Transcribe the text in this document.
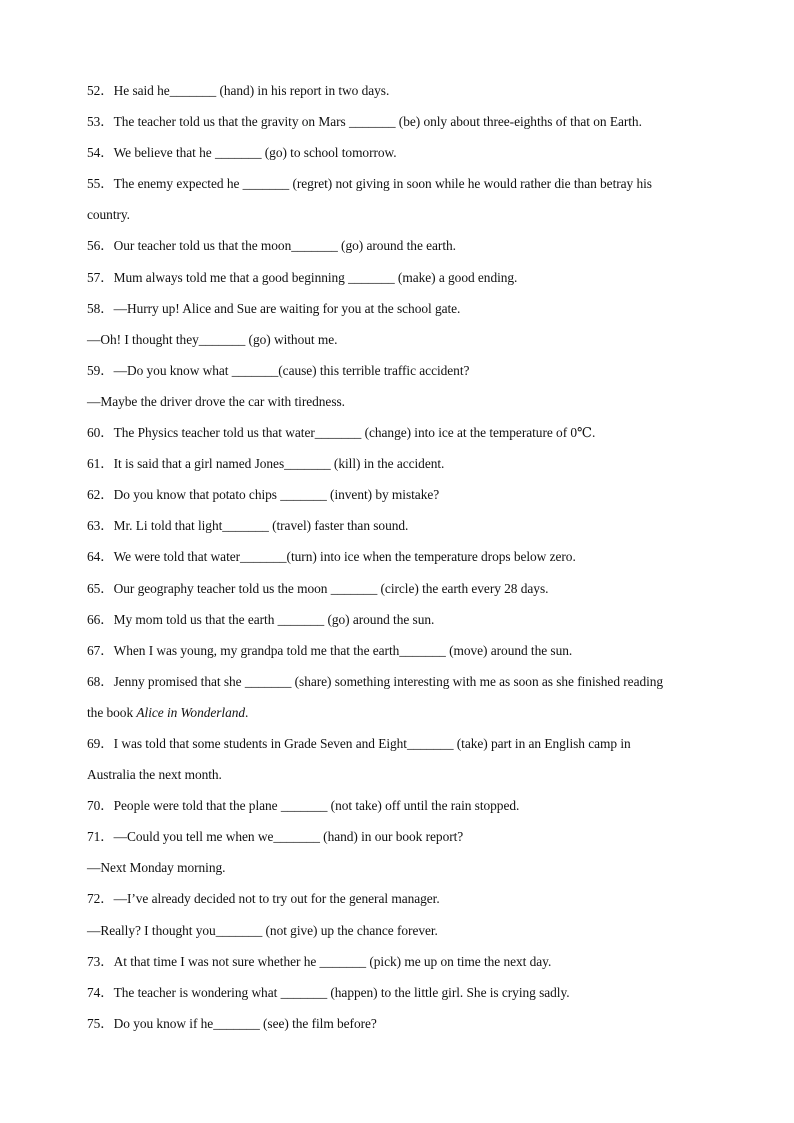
52．He said he_______ (hand) in his report in two days.
53．The teacher told us that the gravity on Mars _______ (be) only about three-eighths of that on Earth.
54．We believe that he _______ (go) to school tomorrow.
55．The enemy expected he _______ (regret) not giving in soon while he would rather die than betray his
country.
56．Our teacher told us that the moon_______ (go) around the earth.
57．Mum always told me that a good beginning _______ (make) a good ending.
58．—Hurry up! Alice and Sue are waiting for you at the school gate.
—Oh! I thought they_______ (go) without me.
59．—Do you know what _______(cause) this terrible traffic accident?
—Maybe the driver drove the car with tiredness.
60．The Physics teacher told us that water_______ (change) into ice at the temperature of 0℃.
61．It is said that a girl named Jones_______ (kill) in the accident.
62．Do you know that potato chips _______ (invent) by mistake?
63．Mr. Li told that light_______ (travel) faster than sound.
64．We were told that water_______(turn) into ice when the temperature drops below zero.
65．Our geography teacher told us the moon _______ (circle) the earth every 28 days.
66．My mom told us that the earth _______ (go) around the sun.
67．When I was young, my grandpa told me that the earth_______ (move) around the sun.
68．Jenny promised that she _______ (share) something interesting with me as soon as she finished reading
the book Alice in Wonderland.
69．I was told that some students in Grade Seven and Eight_______ (take) part in an English camp in
Australia the next month.
70．People were told that the plane _______ (not take) off until the rain stopped.
71．—Could you tell me when we_______ (hand) in our book report?
—Next Monday morning.
72．—I’ve already decided not to try out for the general manager.
—Really? I thought you_______ (not give) up the chance forever.
73．At that time I was not sure whether he _______ (pick) me up on time the next day.
74．The teacher is wondering what _______ (happen) to the little girl. She is crying sadly.
75．Do you know if he_______ (see) the film before?
